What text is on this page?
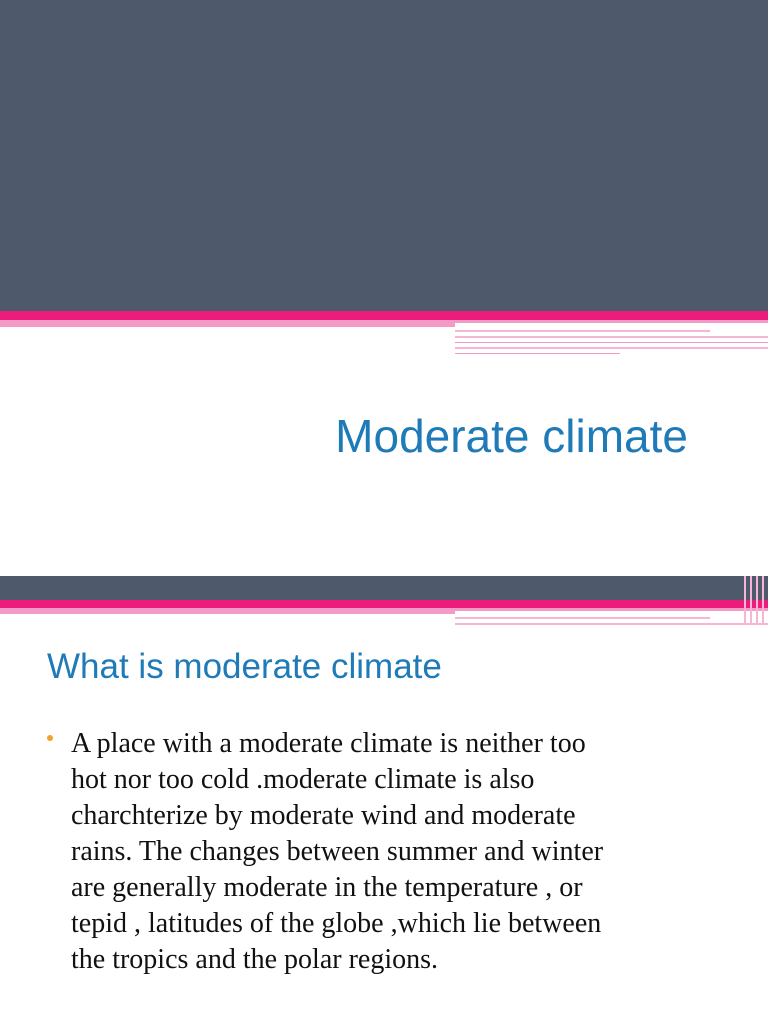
Moderate climate
What is moderate climate
A place with a moderate climate is neither too
hot nor too cold .moderate climate is also
charchterize by moderate wind and moderate
rains. The changes between summer and winter
are generally moderate in the temperature , or
tepid , latitudes of the globe ,which lie between
the tropics and the polar regions.
